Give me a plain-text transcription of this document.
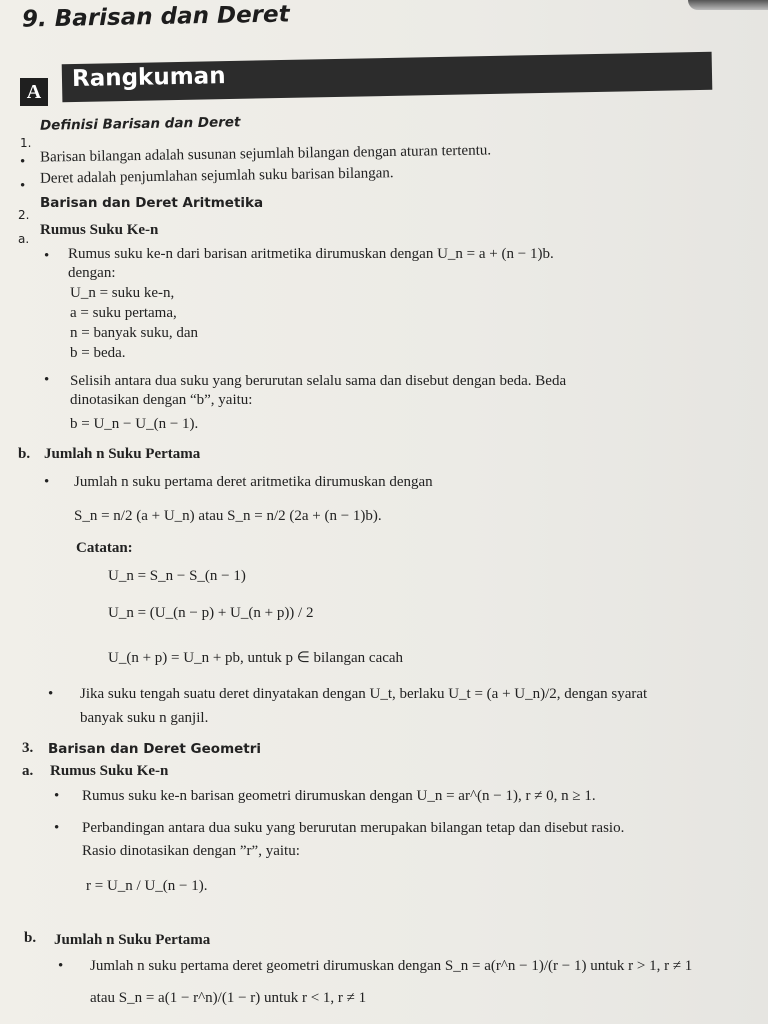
9. Barisan dan Deret
Rangkuman
A
1.
Definisi Barisan dan Deret
• Barisan bilangan adalah susunan sejumlah bilangan dengan aturan tertentu.
• Deret adalah penjumlahan sejumlah suku barisan bilangan.
2.
Barisan dan Deret Aritmetika
a.
Rumus Suku Ke-n
• Rumus suku ke-n dari barisan aritmetika dirumuskan dengan U_n = a + (n − 1)b.
dengan:
U_n = suku ke-n,
a = suku pertama,
n = banyak suku, dan
b = beda.
• Selisih antara dua suku yang berurutan selalu sama dan disebut dengan beda. Beda
dinotasikan dengan “b”, yaitu:
b = U_n − U_(n − 1).
b. Jumlah n Suku Pertama
• Jumlah n suku pertama deret aritmetika dirumuskan dengan
S_n = n/2 (a + U_n) atau S_n = n/2 (2a + (n − 1)b).
Catatan:
U_n = S_n − S_(n − 1)
U_n = (U_(n − p) + U_(n + p)) / 2
U_(n + p) = U_n + pb, untuk p ∈ bilangan cacah
• Jika suku tengah suatu deret dinyatakan dengan U_t, berlaku U_t = (a + U_n)/2, dengan syarat
banyak suku n ganjil.
3. Barisan dan Deret Geometri
a. Rumus Suku Ke-n
• Rumus suku ke-n barisan geometri dirumuskan dengan U_n = ar^(n − 1), r ≠ 0, n ≥ 1.
• Perbandingan antara dua suku yang berurutan merupakan bilangan tetap dan disebut rasio.
Rasio dinotasikan dengan ”r”, yaitu:
r = U_n / U_(n − 1).
b. Jumlah n Suku Pertama
• Jumlah n suku pertama deret geometri dirumuskan dengan S_n = a(r^n − 1)/(r − 1) untuk r > 1, r ≠ 1
atau S_n = a(1 − r^n)/(1 − r) untuk r < 1, r ≠ 1
